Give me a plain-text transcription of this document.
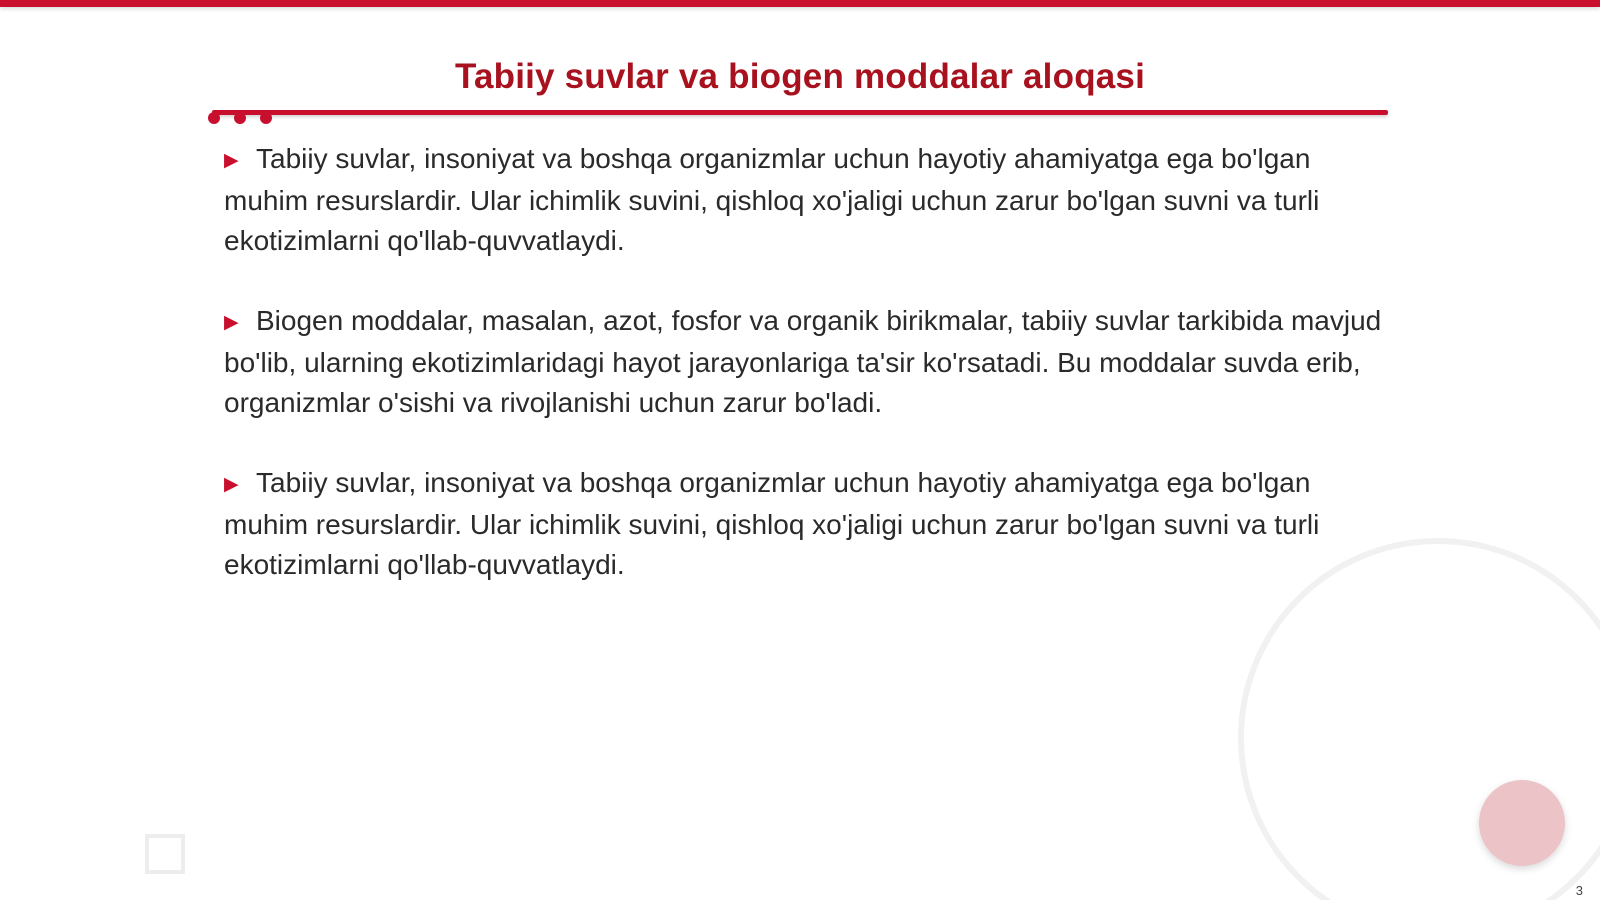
Tabiiy suvlar va biogen moddalar aloqasi
▶ Tabiiy suvlar, insoniyat va boshqa organizmlar uchun hayotiy ahamiyatga ega bo'lgan muhim resurslardir. Ular ichimlik suvini, qishloq xo'jaligi uchun zarur bo'lgan suvni va turli ekotizimlarni qo'llab-quvvatlaydi.
▶ Biogen moddalar, masalan, azot, fosfor va organik birikmalar, tabiiy suvlar tarkibida mavjud bo'lib, ularning ekotizimlaridagi hayot jarayonlariga ta'sir ko'rsatadi. Bu moddalar suvda erib, organizmlar o'sishi va rivojlanishi uchun zarur bo'ladi.
▶ Tabiiy suvlar, insoniyat va boshqa organizmlar uchun hayotiy ahamiyatga ega bo'lgan muhim resurslardir. Ular ichimlik suvini, qishloq xo'jaligi uchun zarur bo'lgan suvni va turli ekotizimlarni qo'llab-quvvatlaydi.
3
